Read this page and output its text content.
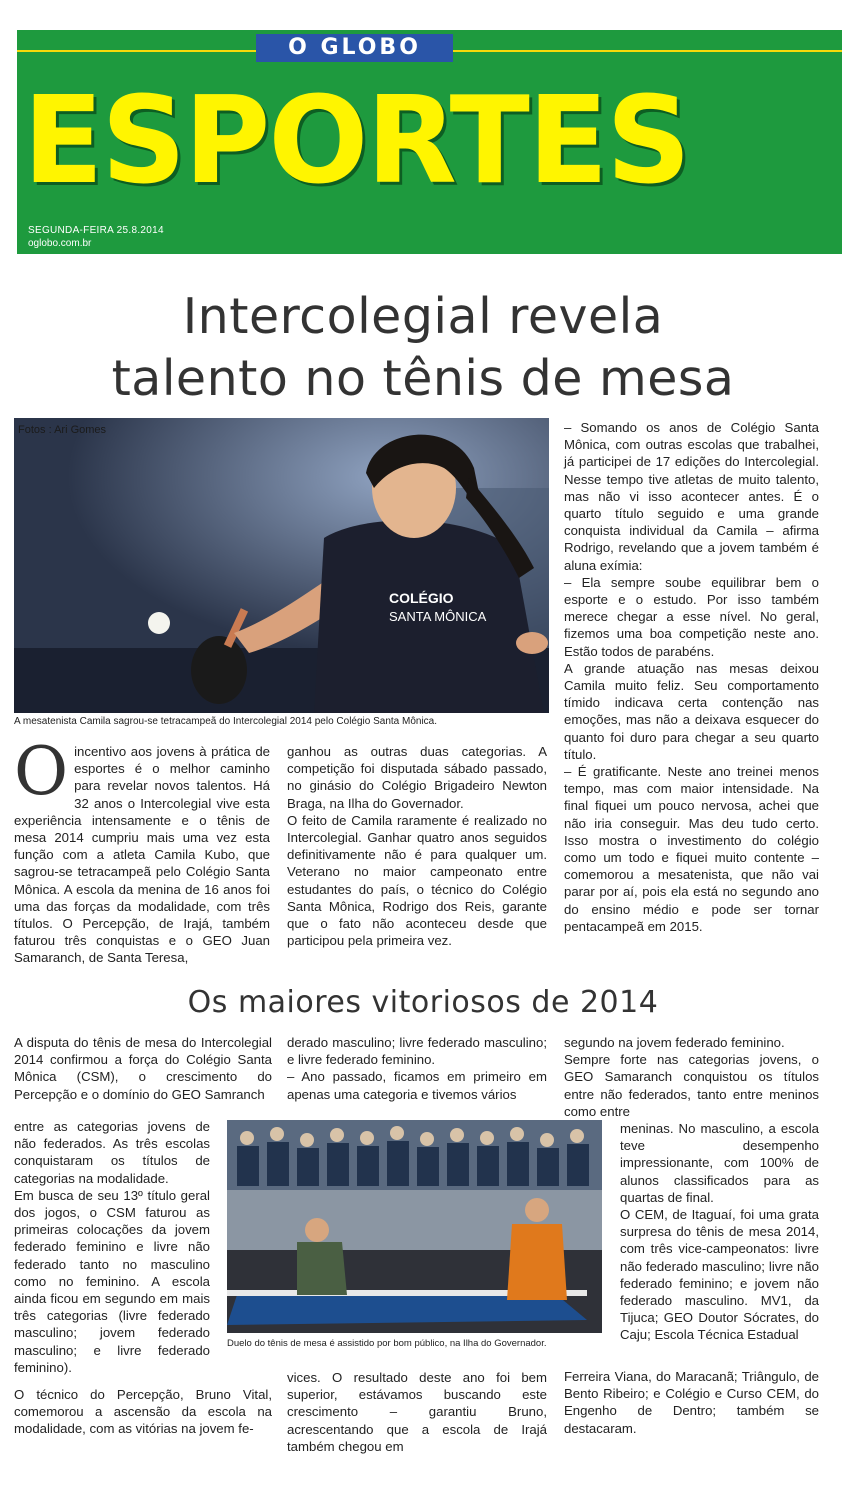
O GLOBO
ESPORTES
SEGUNDA-FEIRA 25.8.2014
oglobo.com.br
Intercolegial revela
talento no tênis de mesa
COLÉGIO
SANTA MÔNICA
Fotos : Ari Gomes
A mesatenista Camila sagrou-se tetracampeã do Intercolegial 2014 pelo Colégio Santa Mônica.
O incentivo aos jovens à prática de esportes é o melhor caminho para revelar novos talentos. Há 32 anos o Intercolegial vive esta experiência intensamente e o tênis de mesa 2014 cumpriu mais uma vez esta função com a atleta Camila Kubo, que sagrou-se tetracampeã pelo Colégio Santa Mônica. A escola da menina de 16 anos foi uma das forças da modalidade, com três títulos. O Percepção, de Irajá, também faturou três conquistas e o GEO Juan Samaranch, de Santa Teresa,

ganhou as outras duas categorias. A competição foi disputada sábado passado, no ginásio do Colégio Brigadeiro Newton Braga, na Ilha do Governador.

O feito de Camila raramente é realizado no Intercolegial. Ganhar quatro anos seguidos definitivamente não é para qualquer um. Veterano no maior campeonato entre estudantes do país, o técnico do Colégio Santa Mônica, Rodrigo dos Reis, garante que o fato não aconteceu desde que participou pela primeira vez.

– Somando os anos de Colégio Santa Mônica, com outras escolas que trabalhei, já participei de 17 edições do Intercolegial. Nesse tempo tive atletas de muito talento, mas não vi isso acontecer antes. É o quarto título seguido e uma grande conquista individual da Camila – afirma Rodrigo, revelando que a jovem também é aluna exímia:

– Ela sempre soube equilibrar bem o esporte e o estudo. Por isso também merece chegar a esse nível. No geral, fizemos uma boa competição neste ano. Estão todos de parabéns.

A grande atuação nas mesas deixou Camila muito feliz. Seu comportamento tímido indicava certa contenção nas emoções, mas não a deixava esquecer do quanto foi duro para chegar a seu quarto título.

– É gratificante. Neste ano treinei menos tempo, mas com maior intensidade. Na final fiquei um pouco nervosa, achei que não iria conseguir. Mas deu tudo certo. Isso mostra o investimento do colégio como um todo e fiquei muito contente – comemorou a mesatenista, que não vai parar por aí, pois ela está no segundo ano do ensino médio e pode ser tornar pentacampeã em 2015.

Os maiores vitoriosos de 2014

A disputa do tênis de mesa do Intercolegial 2014 confirmou a força do Colégio Santa Mônica (CSM), o crescimento do Percepção e o domínio do GEO Samranch

entre as categorias jovens de não federados. As três escolas conquistaram os títulos de categorias na modalidade.

Em busca de seu 13º título geral dos jogos, o CSM faturou as primeiras colocações da jovem federado feminino e livre não federado tanto no masculino como no feminino. A escola ainda ficou em segundo em mais três categorias (livre federado masculino; jovem federado masculino; e livre federado feminino).

O técnico do Percepção, Bruno Vital, comemorou a ascensão da escola na modalidade, com as vitórias na jovem fe-

derado masculino; livre federado masculino; e livre federado feminino.

– Ano passado, ficamos em primeiro em apenas uma categoria e tivemos vários

vices. O resultado deste ano foi bem superior, estávamos buscando este crescimento – garantiu Bruno, acrescentando que a escola de Irajá também chegou em

segundo na jovem federado feminino.

Sempre forte nas categorias jovens, o GEO Samaranch conquistou os títulos entre não federados, tanto entre meninos como entre

meninas. No masculino, a escola teve desempenho impressionante, com 100% de alunos classificados para as quartas de final.

O CEM, de Itaguaí, foi uma grata surpresa do tênis de mesa 2014, com três vice-campeonatos: livre não federado masculino; livre não federado feminino; e jovem não federado masculino. MV1, da Tijuca; GEO Doutor Sócrates, do Caju; Escola Técnica Estadual

Ferreira Viana, do Maracanã; Triângulo, de Bento Ribeiro; e Colégio e Curso CEM, do Engenho de Dentro; também se destacaram.

Duelo do tênis de mesa é assistido por bom público, na Ilha do Governador.
